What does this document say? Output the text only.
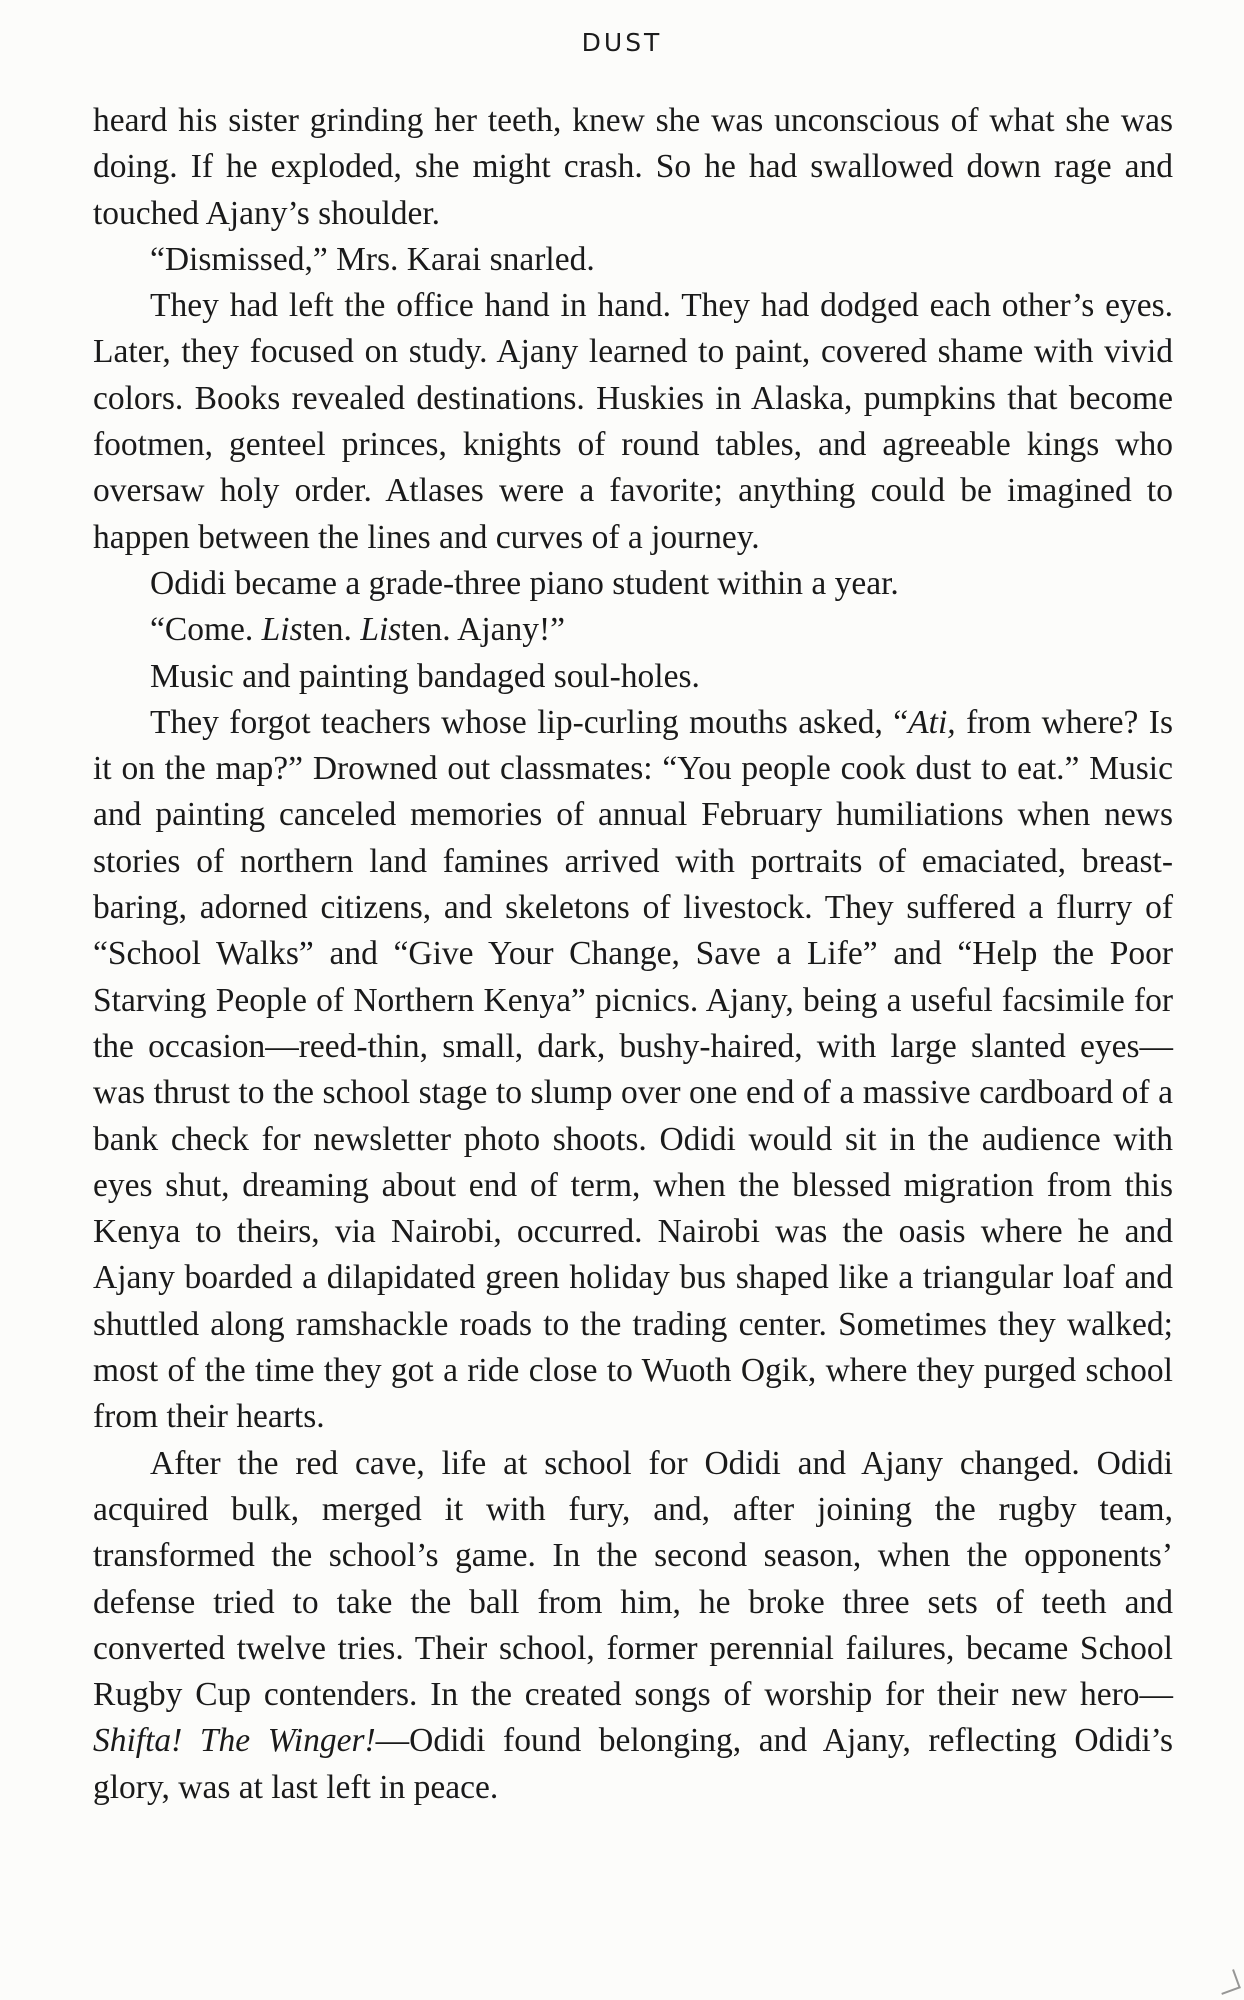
DUST

heard his sister grinding her teeth, knew she was unconscious of what she was doing. If he exploded, she might crash. So he had swallowed down rage and touched Ajany’s shoulder.

“Dismissed,” Mrs. Karai snarled.

They had left the office hand in hand. They had dodged each other’s eyes. Later, they focused on study. Ajany learned to paint, covered shame with vivid colors. Books revealed destinations. Huskies in Alaska, pumpkins that become footmen, genteel princes, knights of round tables, and agreeable kings who oversaw holy order. Atlases were a favorite; anything could be imagined to happen between the lines and curves of a journey.

Odidi became a grade-three piano student within a year.

“Come. Listen. Listen. Ajany!”

Music and painting bandaged soul-holes.

They forgot teachers whose lip-curling mouths asked, “Ati, from where? Is it on the map?” Drowned out classmates: “You people cook dust to eat.” Music and painting canceled memories of annual February humiliations when news stories of northern land famines arrived with portraits of emaciated, breast-baring, adorned citizens, and skeletons of livestock. They suffered a flurry of “School Walks” and “Give Your Change, Save a Life” and “Help the Poor Starving People of Northern Kenya” picnics. Ajany, being a useful facsimile for the occasion—reed-thin, small, dark, bushy-haired, with large slanted eyes—was thrust to the school stage to slump over one end of a massive cardboard of a bank check for newsletter photo shoots. Odidi would sit in the audience with eyes shut, dreaming about end of term, when the blessed migration from this Kenya to theirs, via Nairobi, occurred. Nairobi was the oasis where he and Ajany boarded a dilapidated green holiday bus shaped like a triangular loaf and shuttled along ramshackle roads to the trading center. Sometimes they walked; most of the time they got a ride close to Wuoth Ogik, where they purged school from their hearts.

After the red cave, life at school for Odidi and Ajany changed. Odidi acquired bulk, merged it with fury, and, after joining the rugby team, transformed the school’s game. In the second season, when the opponents’ defense tried to take the ball from him, he broke three sets of teeth and converted twelve tries. Their school, former perennial failures, became School Rugby Cup contenders. In the created songs of worship for their new hero—Shifta! The Winger!—Odidi found belonging, and Ajany, reflecting Odidi’s glory, was at last left in peace.
